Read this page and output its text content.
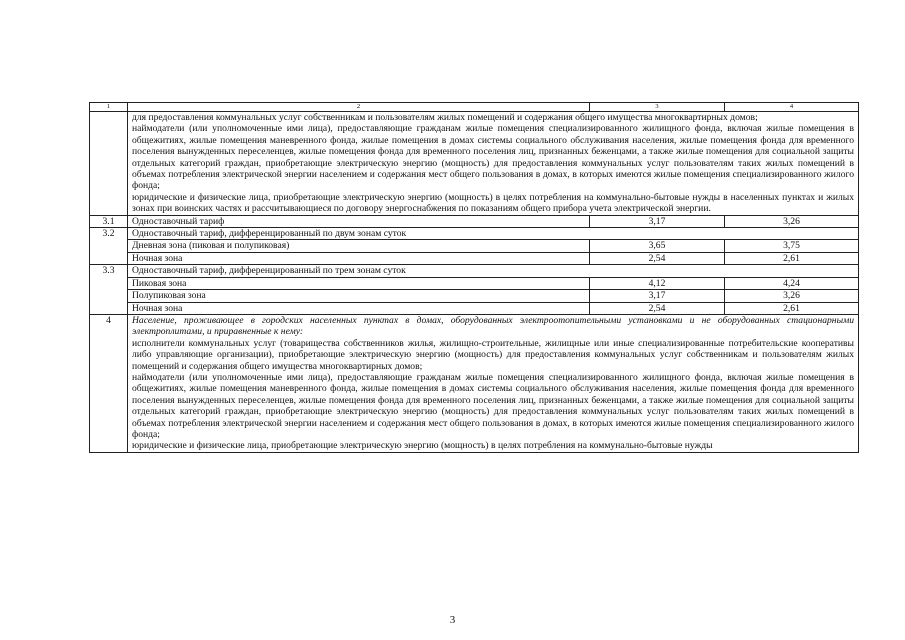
1	2	3	4

	для предоставления коммунальных услуг собственникам и пользователям жилых помещений и содержания общего имущества многоквартирных домов;
наймодатели (или уполномоченные ими лица), предоставляющие гражданам жилые помещения специализированного жилищного фонда, включая жилые помещения в общежитиях, жилые помещения маневренного фонда, жилые помещения в домах системы социального обслуживания населения, жилые помещения фонда для временного поселения вынужденных переселенцев, жилые помещения фонда для временного поселения лиц, признанных беженцами, а также жилые помещения для социальной защиты отдельных категорий граждан, приобретающие электрическую энергию (мощность) для предоставления коммунальных услуг пользователям таких жилых помещений в объемах потребления электрической энергии населением и содержания мест общего пользования в домах, в которых имеются жилые помещения специализированного жилого фонда;
юридические и физические лица, приобретающие электрическую энергию (мощность) в целях потребления на коммунально-бытовые нужды в населенных пунктах и жилых зонах при воинских частях и рассчитывающиеся по договору энергоснабжения по показаниям общего прибора учета электрической энергии.		

3.1	Одноставочный тариф	3,17	3,26
3.2	Одноставочный тариф, дифференцированный по двум зонам суток		
	Дневная зона (пиковая и полупиковая)	3,65	3,75
	Ночная зона	2,54	2,61
3.3	Одноставочный тариф, дифференцированный по трем зонам суток		
	Пиковая зона	4,12	4,24
	Полупиковая зона	3,17	3,26
	Ночная зона	2,54	2,61
4	Население, проживающее в городских населенных пунктах в домах, оборудованных электроотопительными установками и не оборудованных стационарными электроплитами, и приравненные к нему:
исполнители коммунальных услуг (товарищества собственников жилья, жилищно-строительные, жилищные или иные специализированные потребительские кооперативы либо управляющие организации), приобретающие электрическую энергию (мощность) для предоставления коммунальных услуг собственникам и пользователям жилых помещений и содержания общего имущества многоквартирных домов;
наймодатели (или уполномоченные ими лица), предоставляющие гражданам жилые помещения специализированного жилищного фонда, включая жилые помещения в общежитиях, жилые помещения маневренного фонда, жилые помещения в домах системы социального обслуживания населения, жилые помещения фонда для временного поселения вынужденных переселенцев, жилые помещения фонда для временного поселения лиц, признанных беженцами, а также жилые помещения для социальной защиты отдельных категорий граждан, приобретающие электрическую энергию (мощность) для предоставления коммунальных услуг пользователям таких жилых помещений в объемах потребления электрической энергии населением и содержания мест общего пользования в домах, в которых имеются жилые помещения специализированного жилого фонда;
юридические и физические лица, приобретающие электрическую энергию (мощность) в целях потребления на коммунально-бытовые нужды		
3
